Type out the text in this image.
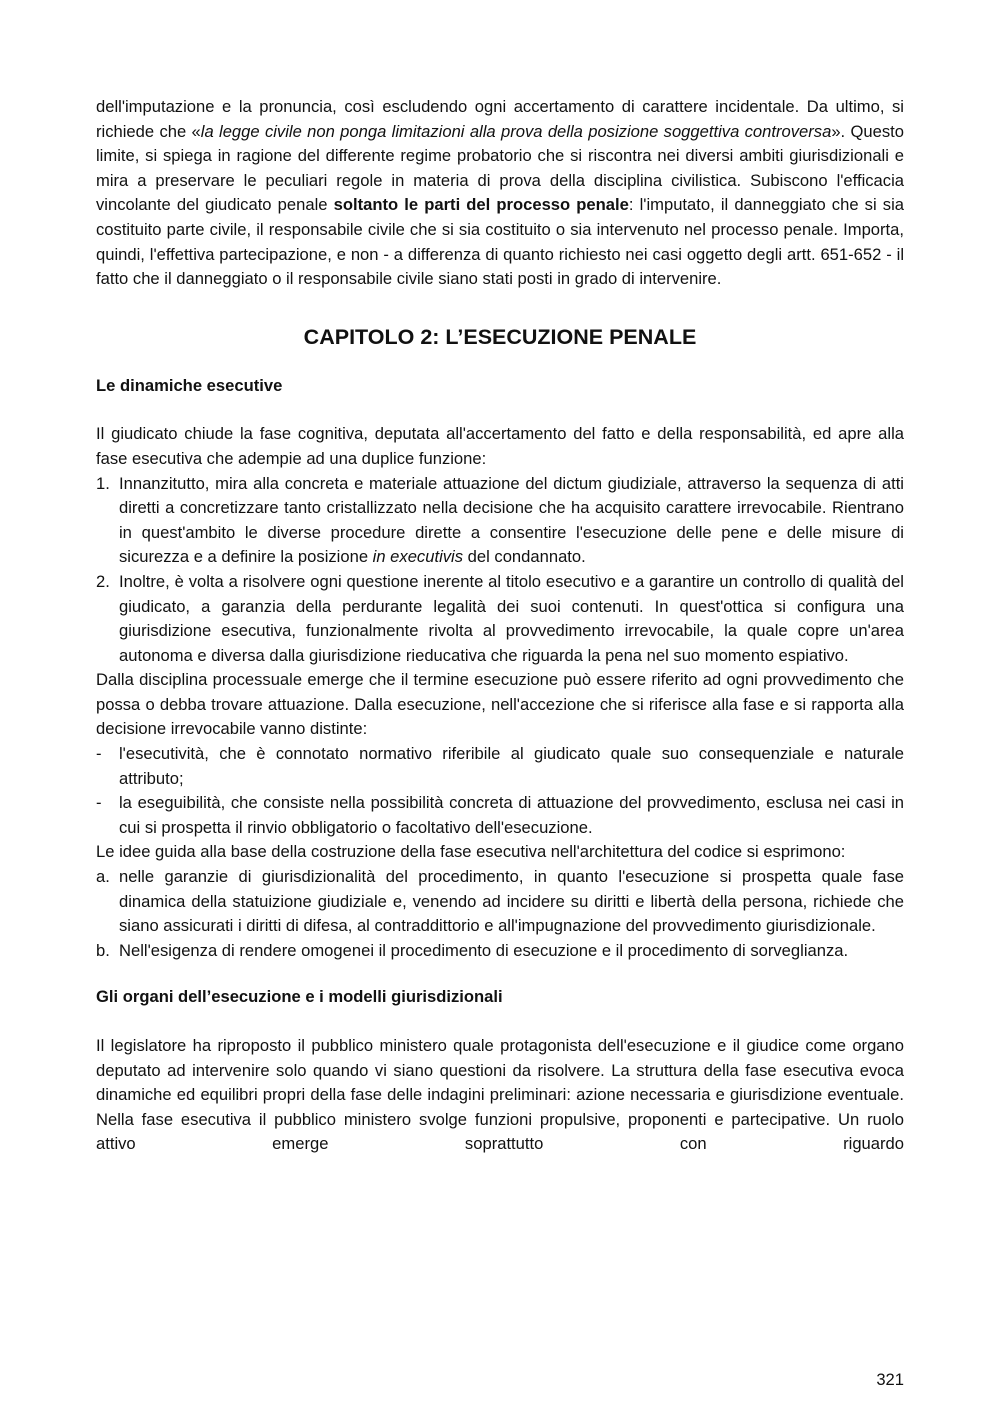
dell'imputazione e la pronuncia, così escludendo ogni accertamento di carattere incidentale. Da ultimo, si richiede che «la legge civile non ponga limitazioni alla prova della posizione soggettiva controversa». Questo limite, si spiega in ragione del differente regime probatorio che si riscontra nei diversi ambiti giurisdizionali e mira a preservare le peculiari regole in materia di prova della disciplina civilistica. Subiscono l'efficacia vincolante del giudicato penale soltanto le parti del processo penale: l'imputato, il danneggiato che si sia costituito parte civile, il responsabile civile che si sia costituito o sia intervenuto nel processo penale. Importa, quindi, l'effettiva partecipazione, e non - a differenza di quanto richiesto nei casi oggetto degli artt. 651-652 - il fatto che il danneggiato o il responsabile civile siano stati posti in grado di intervenire.

CAPITOLO 2: L’ESECUZIONE PENALE
Le dinamiche esecutive

Il giudicato chiude la fase cognitiva, deputata all'accertamento del fatto e della responsabilità, ed apre alla fase esecutiva che adempie ad una duplice funzione:

1. Innanzitutto, mira alla concreta e materiale attuazione del dictum giudiziale, attraverso la sequenza di atti diretti a concretizzare tanto cristallizzato nella decisione che ha acquisito carattere irrevocabile. Rientrano in quest'ambito le diverse procedure dirette a consentire l'esecuzione delle pene e delle misure di sicurezza e a definire la posizione in executivis del condannato.
2. Inoltre, è volta a risolvere ogni questione inerente al titolo esecutivo e a garantire un controllo di qualità del giudicato, a garanzia della perdurante legalità dei suoi contenuti. In quest'ottica si configura una giurisdizione esecutiva, funzionalmente rivolta al provvedimento irrevocabile, la quale copre un'area autonoma e diversa dalla giurisdizione rieducativa che riguarda la pena nel suo momento espiativo.

Dalla disciplina processuale emerge che il termine esecuzione può essere riferito ad ogni provvedimento che possa o debba trovare attuazione. Dalla esecuzione, nell'accezione che si riferisce alla fase e si rapporta alla decisione irrevocabile vanno distinte:

- l'esecutività, che è connotato normativo riferibile al giudicato quale suo consequenziale e naturale attributo;
- la eseguibilità, che consiste nella possibilità concreta di attuazione del provvedimento, esclusa nei casi in cui si prospetta il rinvio obbligatorio o facoltativo dell'esecuzione.

Le idee guida alla base della costruzione della fase esecutiva nell'architettura del codice si esprimono:

a. nelle garanzie di giurisdizionalità del procedimento, in quanto l'esecuzione si prospetta quale fase dinamica della statuizione giudiziale e, venendo ad incidere su diritti e libertà della persona, richiede che siano assicurati i diritti di difesa, al contraddittorio e all'impugnazione del provvedimento giurisdizionale.
b. Nell'esigenza di rendere omogenei il procedimento di esecuzione e il procedimento di sorveglianza.
Gli organi dell’esecuzione e i modelli giurisdizionali

Il legislatore ha riproposto il pubblico ministero quale protagonista dell'esecuzione e il giudice come organo deputato ad intervenire solo quando vi siano questioni da risolvere. La struttura della fase esecutiva evoca dinamiche ed equilibri propri della fase delle indagini preliminari: azione necessaria e giurisdizione eventuale. Nella fase esecutiva il pubblico ministero svolge funzioni propulsive, proponenti e partecipative. Un ruolo attivo emerge soprattutto con riguardo

321
